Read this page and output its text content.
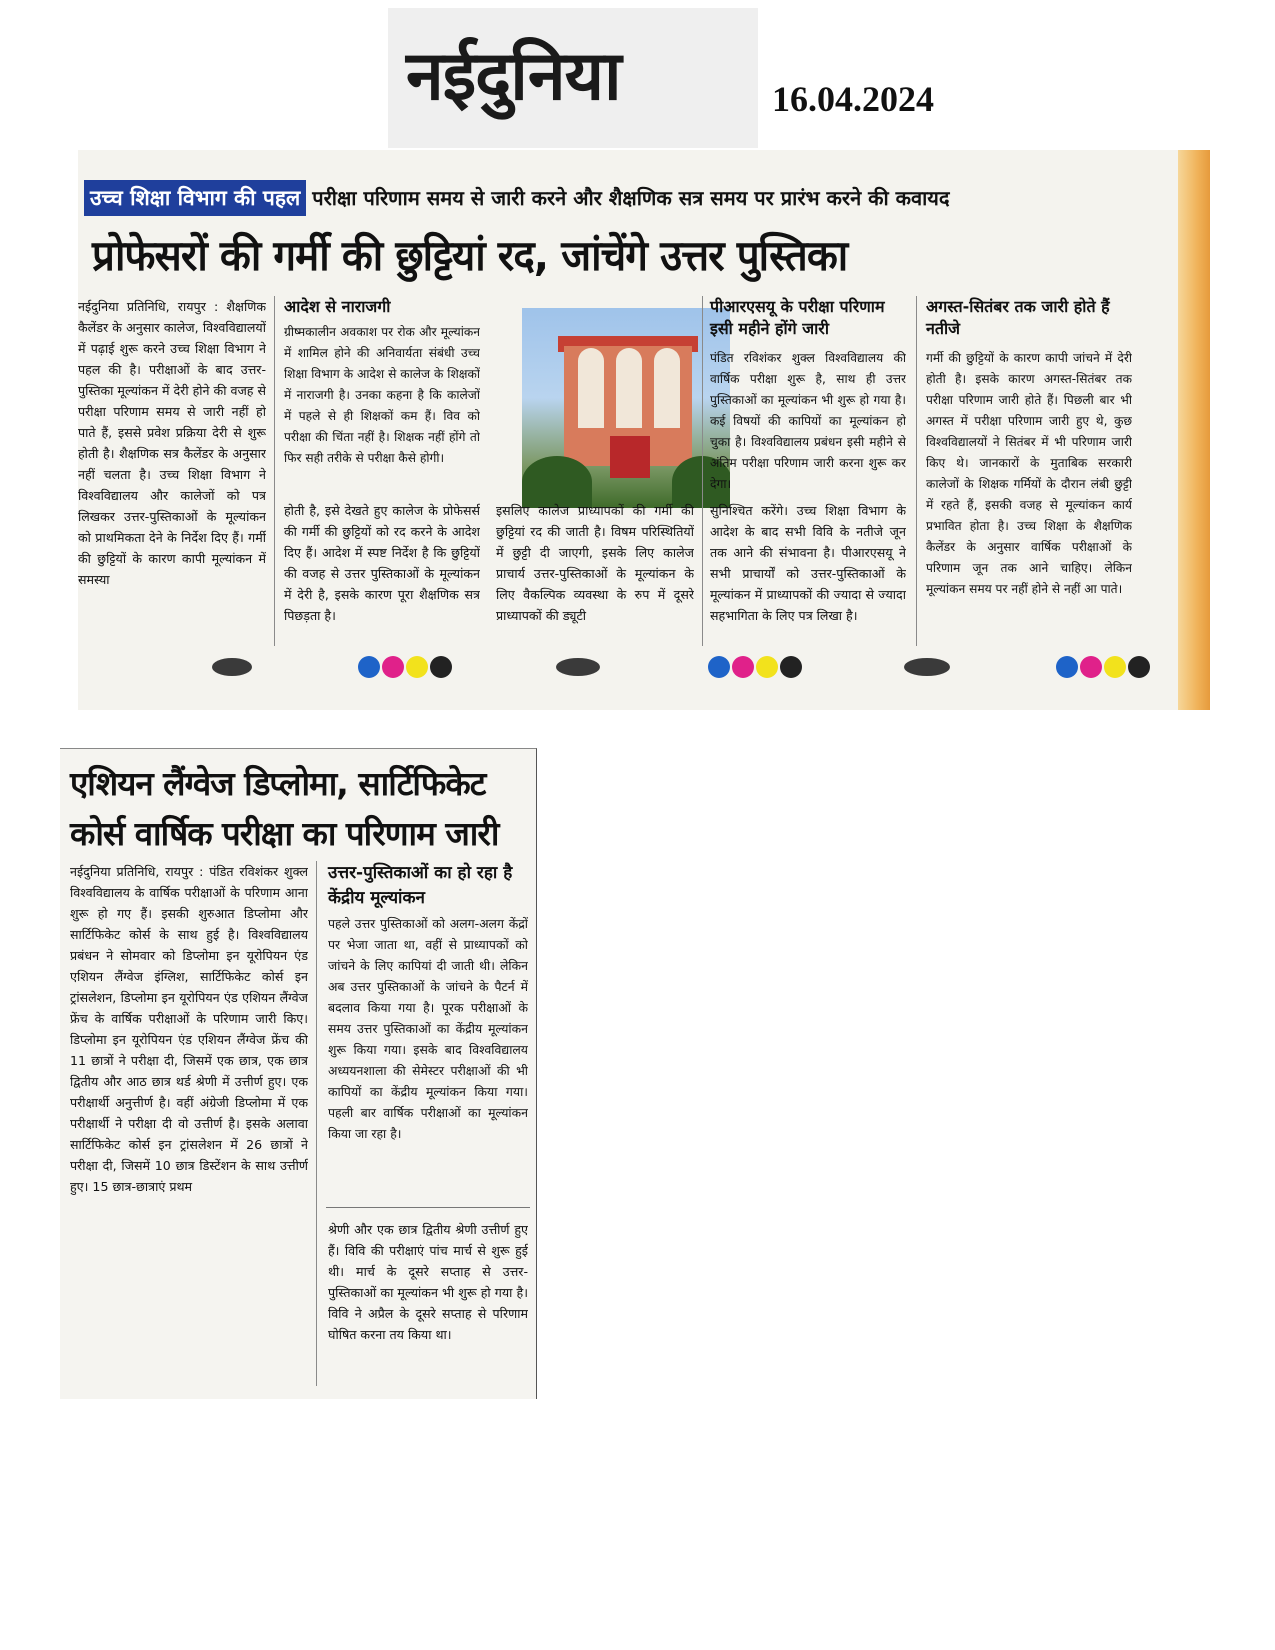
नईदुनिया	16.04.2024
उच्च शिक्षा विभाग की पहल परीक्षा परिणाम समय से जारी करने और शैक्षणिक सत्र समय पर प्रारंभ करने की कवायद
प्रोफेसरों की गर्मी की छुट्टियां रद, जांचेंगे उत्तर पुस्तिका
नईदुनिया प्रतिनिधि, रायपुर : शैक्षणिक कैलेंडर के अनुसार कालेज, विश्वविद्यालयों में पढ़ाई शुरू करने उच्च शिक्षा विभाग ने पहल की है। परीक्षाओं के बाद उत्तर-पुस्तिका मूल्यांकन में देरी होने की वजह से परीक्षा परिणाम समय से जारी नहीं हो पाते हैं, इससे प्रवेश प्रक्रिया देरी से शुरू होती है। शैक्षणिक सत्र कैलेंडर के अनुसार नहीं चलता है। उच्च शिक्षा विभाग ने विश्वविद्यालय और कालेजों को पत्र लिखकर उत्तर-पुस्तिकाओं के मूल्यांकन को प्राथमिकता देने के निर्देश दिए हैं। गर्मी की छुट्टियों के कारण कापी मूल्यांकन में समस्या
आदेश से नाराजगी
ग्रीष्मकालीन अवकाश पर रोक और मूल्यांकन में शामिल होने की अनिवार्यता संबंधी उच्च शिक्षा विभाग के आदेश से कालेज के शिक्षकों में नाराजगी है। उनका कहना है कि कालेजों में पहले से ही शिक्षकों कम हैं। विव को परीक्षा की चिंता नहीं है। शिक्षक नहीं होंगे तो फिर सही तरीके से परीक्षा कैसे होगी।
होती है, इसे देखते हुए कालेज के प्रोफेसर्स की गर्मी की छुट्टियों को रद करने के आदेश दिए हैं। आदेश में स्पष्ट निर्देश है कि छुट्टियों की वजह से उत्तर पुस्तिकाओं के मूल्यांकन में देरी है, इसके कारण पूरा शैक्षणिक सत्र पिछड़ता है।
इसलिए कालेज प्राध्यापकों की गर्मी की छुट्टियां रद की जाती है। विषम परिस्थितियों में छुट्टी दी जाएगी, इसके लिए कालेज प्राचार्य उत्तर-पुस्तिकाओं के मूल्यांकन के लिए वैकल्पिक व्यवस्था के रुप में दूसरे प्राध्यापकों की ड्यूटी
पीआरएसयू के परीक्षा परिणाम इसी महीने होंगे जारी
पंडित रविशंकर शुक्ल विश्वविद्यालय की वार्षिक परीक्षा शुरू है, साथ ही उत्तर पुस्तिकाओं का मूल्यांकन भी शुरू हो गया है। कई विषयों की कापियों का मूल्यांकन हो चुका है। विश्वविद्यालय प्रबंधन इसी महीने से अंतिम परीक्षा परिणाम जारी करना शुरू कर देगा।
सुनिश्चित करेंगे। उच्च शिक्षा विभाग के आदेश के बाद सभी विवि के नतीजे जून तक आने की संभावना है। पीआरएसयू ने सभी प्राचार्यों को उत्तर-पुस्तिकाओं के मूल्यांकन में प्राध्यापकों की ज्यादा से ज्यादा सहभागिता के लिए पत्र लिखा है।
अगस्त-सितंबर तक जारी होते हैं नतीजे
गर्मी की छुट्टियों के कारण कापी जांचने में देरी होती है। इसके कारण अगस्त-सितंबर तक परीक्षा परिणाम जारी होते हैं। पिछली बार भी अगस्त में परीक्षा परिणाम जारी हुए थे, कुछ विश्वविद्यालयों ने सितंबर में भी परिणाम जारी किए थे। जानकारों के मुताबिक सरकारी कालेजों के शिक्षक गर्मियों के दौरान लंबी छुट्टी में रहते हैं, इसकी वजह से मूल्यांकन कार्य प्रभावित होता है। उच्च शिक्षा के शैक्षणिक कैलेंडर के अनुसार वार्षिक परीक्षाओं के परिणाम जून तक आने चाहिए। लेकिन मूल्यांकन समय पर नहीं होने से नहीं आ पाते।
एशियन लैंग्वेज डिप्लोमा, सार्टिफिकेट कोर्स वार्षिक परीक्षा का परिणाम जारी
नईदुनिया प्रतिनिधि, रायपुर : पंडित रविशंकर शुक्ल विश्वविद्यालय के वार्षिक परीक्षाओं के परिणाम आना शुरू हो गए हैं। इसकी शुरुआत डिप्लोमा और सार्टिफिकेट कोर्स के साथ हुई है। विश्वविद्यालय प्रबंधन ने सोमवार को डिप्लोमा इन यूरोपियन एंड एशियन लैंग्वेज इंग्लिश, सार्टिफिकेट कोर्स इन ट्रांसलेशन, डिप्लोमा इन यूरोपियन एंड एशियन लैंग्वेज फ्रेंच के वार्षिक परीक्षाओं के परिणाम जारी किए। डिप्लोमा इन यूरोपियन एंड एशियन लैंग्वेज फ्रेंच की 11 छात्रों ने परीक्षा दी, जिसमें एक छात्र, एक छात्र द्वितीय और आठ छात्र थर्ड श्रेणी में उत्तीर्ण हुए। एक परीक्षार्थी अनुत्तीर्ण है। वहीं अंग्रेजी डिप्लोमा में एक परीक्षार्थी ने परीक्षा दी वो उत्तीर्ण है। इसके अलावा सार्टिफिकेट कोर्स इन ट्रांसलेशन में 26 छात्रों ने परीक्षा दी, जिसमें 10 छात्र डिस्टेंशन के साथ उत्तीर्ण हुए। 15 छात्र-छात्राएं प्रथम
उत्तर-पुस्तिकाओं का हो रहा है केंद्रीय मूल्यांकन
पहले उत्तर पुस्तिकाओं को अलग-अलग केंद्रों पर भेजा जाता था, वहीं से प्राध्यापकों को जांचने के लिए कापियां दी जाती थी। लेकिन अब उत्तर पुस्तिकाओं के जांचने के पैटर्न में बदलाव किया गया है। पूरक परीक्षाओं के समय उत्तर पुस्तिकाओं का केंद्रीय मूल्यांकन शुरू किया गया। इसके बाद विश्वविद्यालय अध्ययनशाला की सेमेस्टर परीक्षाओं की भी कापियों का केंद्रीय मूल्यांकन किया गया। पहली बार वार्षिक परीक्षाओं का मूल्यांकन किया जा रहा है।
श्रेणी और एक छात्र द्वितीय श्रेणी उत्तीर्ण हुए हैं। विवि की परीक्षाएं पांच मार्च से शुरू हुई थी। मार्च के दूसरे सप्ताह से उत्तर-पुस्तिकाओं का मूल्यांकन भी शुरू हो गया है। विवि ने अप्रैल के दूसरे सप्ताह से परिणाम घोषित करना तय किया था।
